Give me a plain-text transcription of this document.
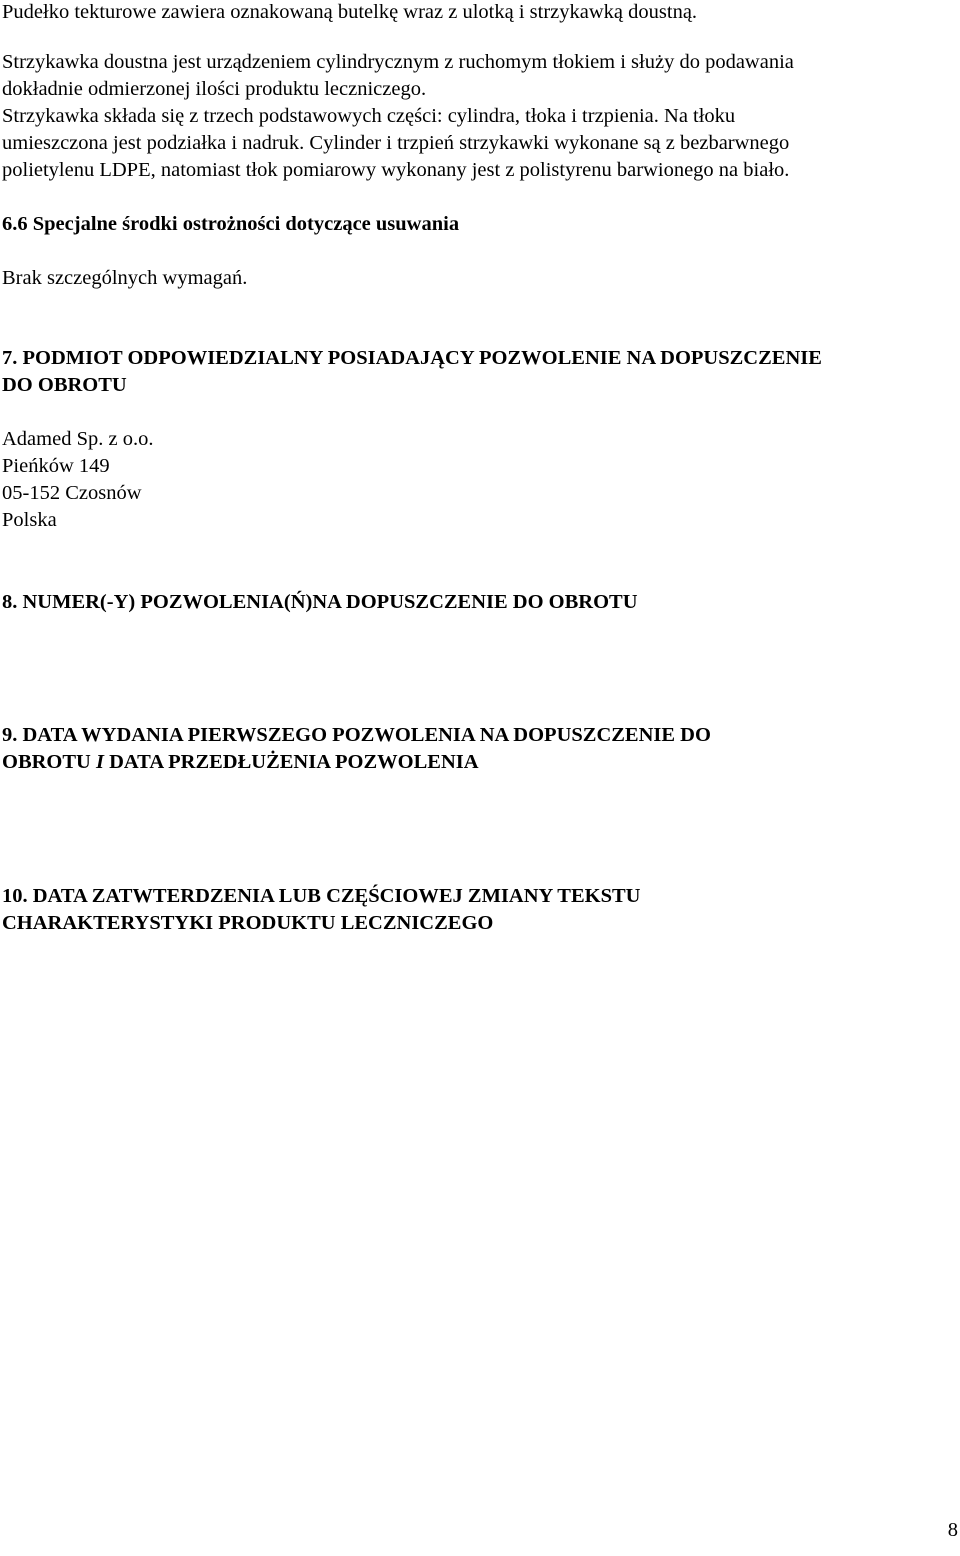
Pudełko tekturowe zawiera oznakowaną butelkę wraz z ulotką i strzykawką doustną.

Strzykawka doustna jest urządzeniem cylindrycznym z ruchomym tłokiem i służy do podawania
dokładnie odmierzonej ilości produktu leczniczego.
Strzykawka składa się z trzech podstawowych części: cylindra, tłoka i trzpienia. Na tłoku
umieszczona jest podziałka i nadruk. Cylinder i trzpień strzykawki wykonane są z bezbarwnego
polietylenu LDPE, natomiast tłok pomiarowy wykonany jest z polistyrenu barwionego na biało.

6.6 Specjalne środki ostrożności dotyczące usuwania

Brak szczególnych wymagań.

7. PODMIOT ODPOWIEDZIALNY POSIADAJĄCY POZWOLENIE NA DOPUSZCZENIE
DO OBROTU

Adamed Sp. z o.o.
Pieńków 149
05-152 Czosnów
Polska

8. NUMER(-Y) POZWOLENIA(Ń)NA DOPUSZCZENIE DO OBROTU
9. DATA WYDANIA PIERWSZEGO POZWOLENIA NA DOPUSZCZENIE DO
OBROTU I DATA PRZEDŁUŻENIA POZWOLENIA
10. DATA ZATWTERDZENIA LUB CZĘŚCIOWEJ ZMIANY TEKSTU
CHARAKTERYSTYKI PRODUKTU LECZNICZEGO
8
